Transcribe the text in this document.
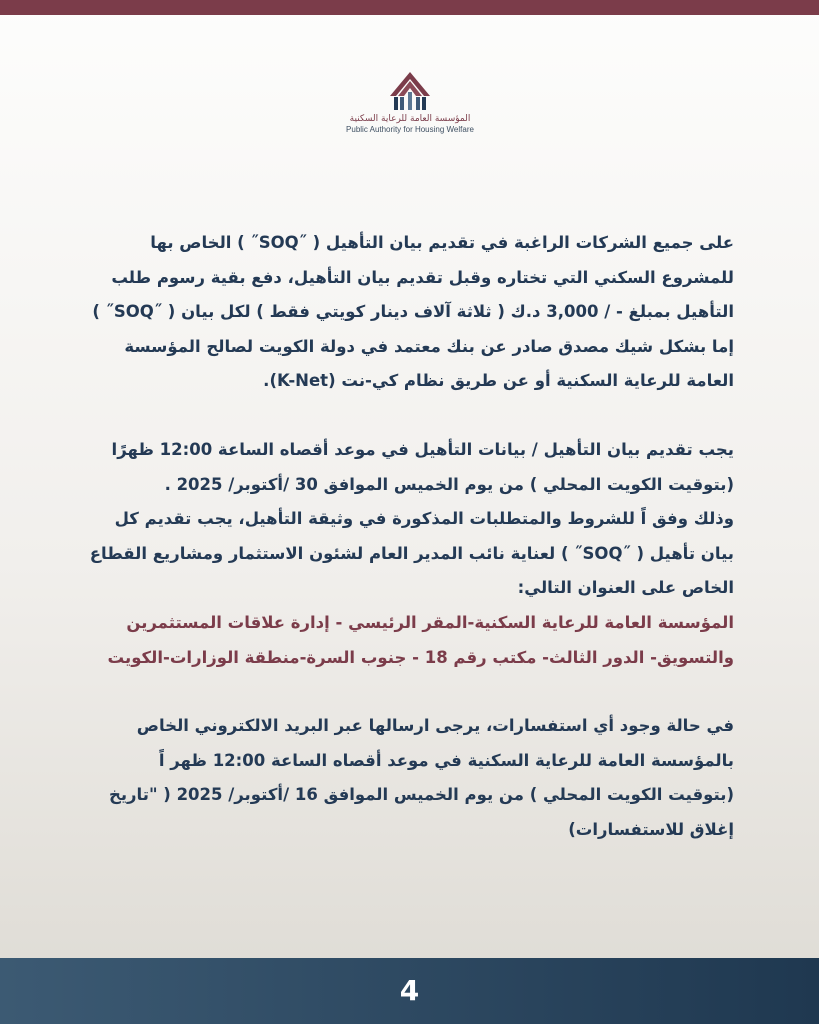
المؤسسة العامة للرعاية السكنية
Public Authority for Housing Welfare
على جميع الشركات الراغبة في تقديم بيان التأهيل ( ˝SOQ˝ ) الخاص بها
للمشروع السكني التي تختاره وقبل تقديم بيان التأهيل، دفع بقية رسوم طلب
التأهيل بمبلغ - / 3,000 د.ك ( ثلاثة آلاف دينار كويتي فقط ) لكل بيان ( ˝SOQ˝ )
إما بشكل شيك مصدق صادر عن بنك معتمد في دولة الكويت لصالح المؤسسة
العامة للرعاية السكنية أو عن طريق نظام كي-نت (K-Net).
يجب تقديم بيان التأهيل / بيانات التأهيل في موعد أقصاه الساعة 12:00 ظهرًا
(بتوقيت الكويت المحلي ) من يوم الخميس الموافق 30 /أكتوبر/ 2025 .
وذلك وفق اً للشروط والمتطلبات المذكورة في وثيقة التأهيل، يجب تقديم كل
بيان تأهيل ( ˝SOQ˝ ) لعناية نائب المدير العام لشئون الاستثمار ومشاريع القطاع
الخاص على العنوان التالي:
المؤسسة العامة للرعاية السكنية-المقر الرئيسي - إدارة علاقات المستثمرين
والتسويق- الدور الثالث- مكتب رقم 18 - جنوب السرة-منطقة الوزارات-الكويت
في حالة وجود أي استفسارات، يرجى ارسالها عبر البريد الالكتروني الخاص
بالمؤسسة العامة للرعاية السكنية في موعد أقصاه الساعة 12:00 ظهر اً
(بتوقيت الكويت المحلي ) من يوم الخميس الموافق 16 /أكتوبر/ 2025 ( "تاريخ
إغلاق للاستفسارات)
4
